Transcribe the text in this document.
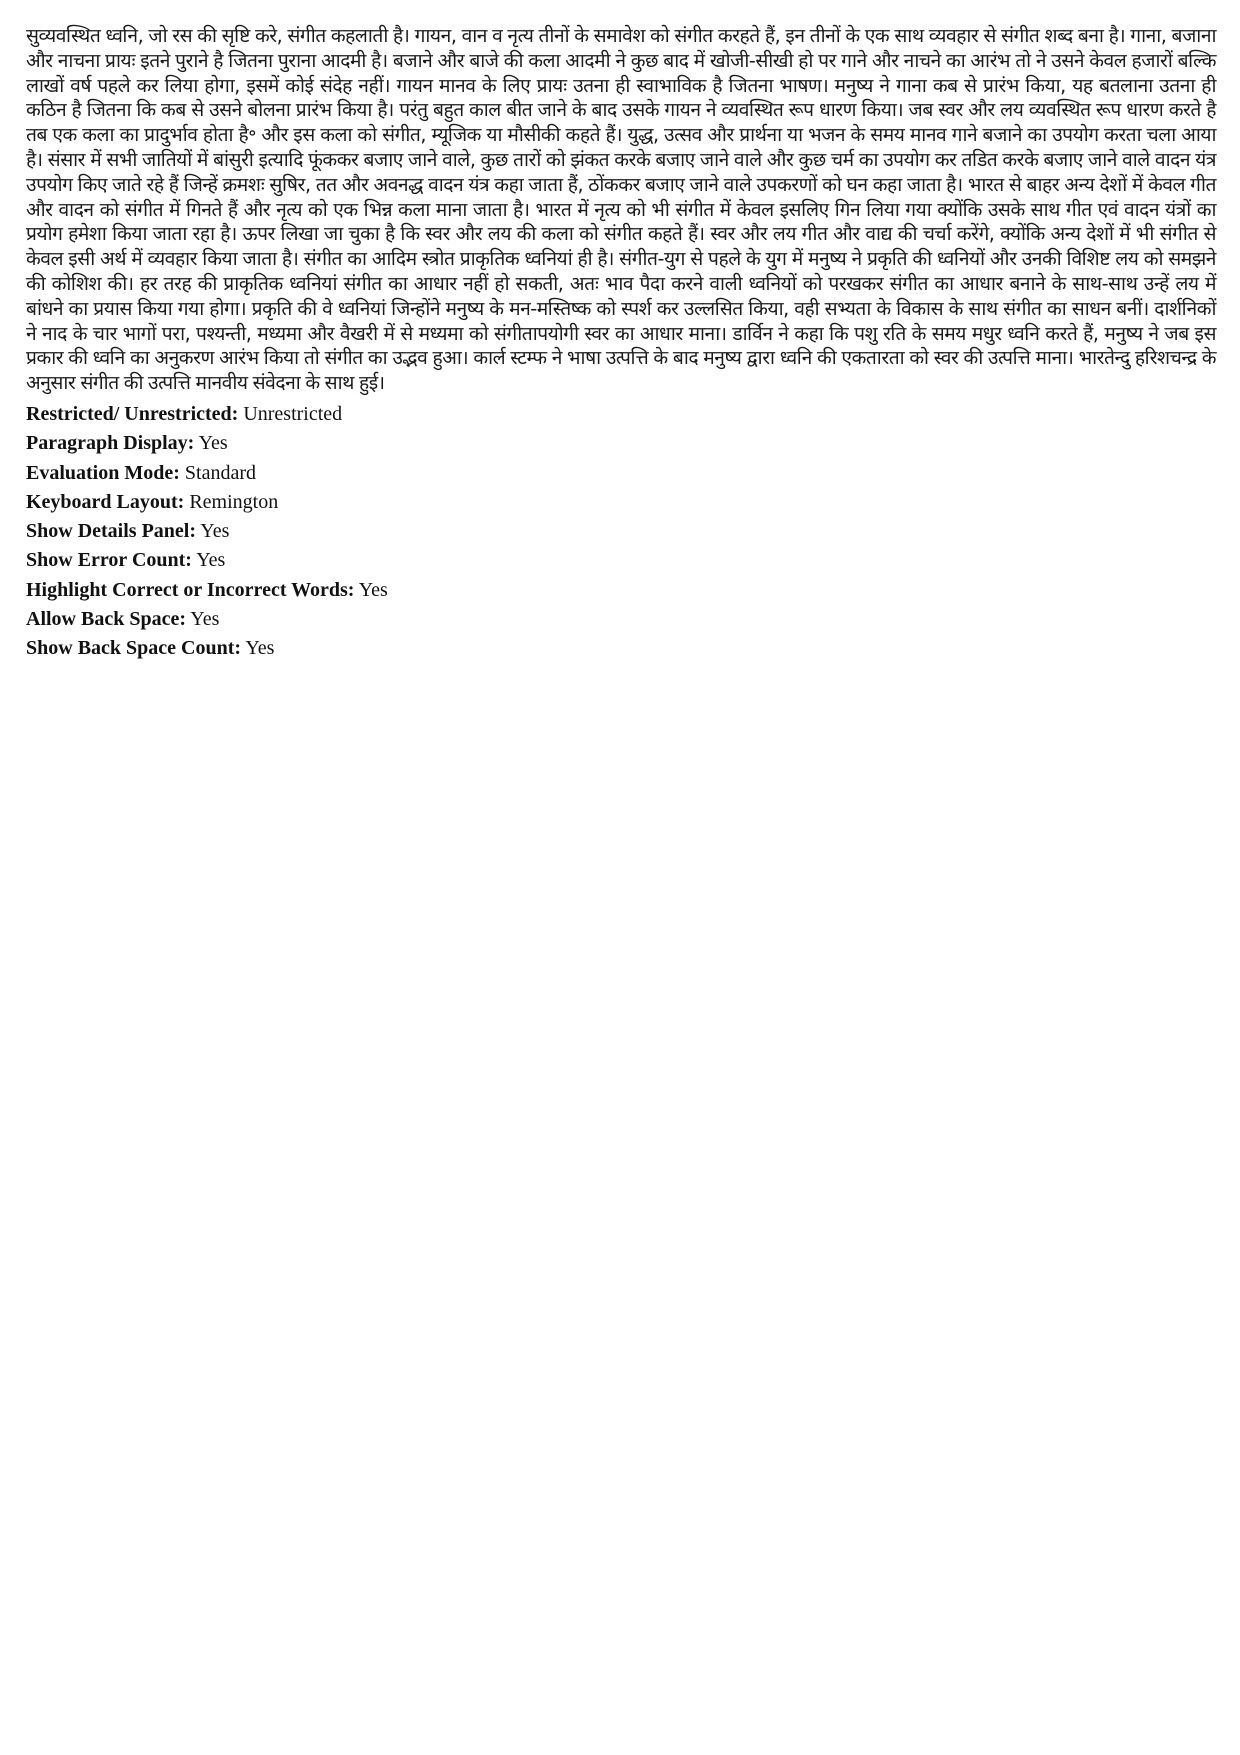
सुव्यवस्थित ध्वनि, जो रस की सृष्टि करे, संगीत कहलाती है। गायन, वान व नृत्य तीनों के समावेश को संगीत करहते हैं, इन तीनों के एक साथ व्यवहार से संगीत शब्द बना है। गाना, बजाना और नाचना प्रायः इतने पुराने है जितना पुराना आदमी है। बजाने और बाजे की कला आदमी ने कुछ बाद में खोजी-सीखी हो पर गाने और नाचने का आरंभ तो ने उसने केवल हजारों बल्कि लाखों वर्ष पहले कर लिया होगा, इसमें कोई संदेह नहीं। गायन मानव के लिए प्रायः उतना ही स्वाभाविक है जितना भाषण। मनुष्य ने गाना कब से प्रारंभ किया, यह बतलाना उतना ही कठिन है जितना कि कब से उसने बोलना प्रारंभ किया है। परंतु बहुत काल बीत जाने के बाद उसके गायन ने व्यवस्थित रूप धारण किया। जब स्वर और लय व्यवस्थित रूप धारण करते है तब एक कला का प्रादुर्भाव होता है॰ और इस कला को संगीत, म्यूजिक या मौसीकी कहते हैं। युद्ध, उत्सव और प्रार्थना या भजन के समय मानव गाने बजाने का उपयोग करता चला आया है। संसार में सभी जातियों में बांसुरी इत्यादि फूंककर बजाए जाने वाले, कुछ तारों को झंकत करके बजाए जाने वाले और कुछ चर्म का उपयोग कर तडित करके बजाए जाने वाले वादन यंत्र उपयोग किए जाते रहे हैं जिन्हें क्रमशः सुषिर, तत और अवनद्ध वादन यंत्र कहा जाता हैं, ठोंककर बजाए जाने वाले उपकरणों को घन कहा जाता है। भारत से बाहर अन्य देशों में केवल गीत और वादन को संगीत में गिनते हैं और नृत्य को एक भिन्न कला माना जाता है। भारत में नृत्य को भी संगीत में केवल इसलिए गिन लिया गया क्योंकि उसके साथ गीत एवं वादन यंत्रों का प्रयोग हमेशा किया जाता रहा है। ऊपर लिखा जा चुका है कि स्वर और लय की कला को संगीत कहते हैं। स्वर और लय गीत और वाद्य की चर्चा करेंगे, क्योंकि अन्य देशों में भी संगीत से केवल इसी अर्थ में व्यवहार किया जाता है। संगीत का आदिम स्त्रोत प्राकृतिक ध्वनियां ही है। संगीत-युग से पहले के युग में मनुष्य ने प्रकृति की ध्वनियों और उनकी विशिष्ट लय को समझने की कोशिश की। हर तरह की प्राकृतिक ध्वनियां संगीत का आधार नहीं हो सकती, अतः भाव पैदा करने वाली ध्वनियों को परखकर संगीत का आधार बनाने के साथ-साथ उन्हें लय में बांधने का प्रयास किया गया होगा। प्रकृति की वे ध्वनियां जिन्होंने मनुष्य के मन-मस्तिष्क को स्पर्श कर उल्लसित किया, वही सभ्यता के विकास के साथ संगीत का साधन बनीं। दार्शनिकों ने नाद के चार भागों परा, पश्यन्ती, मध्यमा और वैखरी में से मध्यमा को संगीतापयोगी स्वर का आधार माना। डार्विन ने कहा कि पशु रति के समय मधुर ध्वनि करते हैं, मनुष्य ने जब इस प्रकार की ध्वनि का अनुकरण आरंभ किया तो संगीत का उद्भव हुआ। कार्ल स्टम्फ ने भाषा उत्पत्ति के बाद मनुष्य द्वारा ध्वनि की एकतारता को स्वर की उत्पत्ति माना। भारतेन्दु हरिशचन्द्र के अनुसार संगीत की उत्पत्ति मानवीय संवेदना के साथ हुई।

Restricted/ Unrestricted: Unrestricted
Paragraph Display: Yes
Evaluation Mode: Standard
Keyboard Layout: Remington
Show Details Panel: Yes
Show Error Count: Yes
Highlight Correct or Incorrect Words: Yes
Allow Back Space: Yes
Show Back Space Count: Yes
